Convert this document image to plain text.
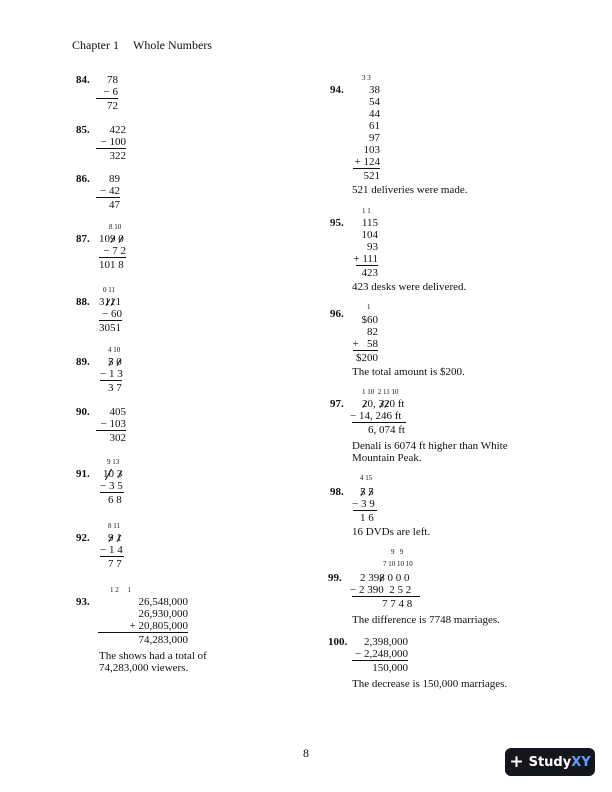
Chapter 1 Whole Numbers
84.	78
− 6
72
85.	422
− 100
322
86.	89
− 42
47
8 10
87. 109 0
− 7 2
101 8
0 11
88. 3111
− 60
3051
4 10
89. 5 0
− 1 3
3 7
90.	405
− 103
302
9 13
91. 10 3
− 3 5
6 8
8 11
92. 9 1
− 1 4
7 7
1 2     1
93.	26,548,000
26,930,000
+ 20,805,000
74,283,000
The shows had a total of
74,283,000 viewers.
3 3
94.	38
54
44
61
97
103
+ 124
521
521 deliveries were made.
1 1
95.	115
104
93
+ 111
423
423 desks were delivered.
1
96.	$60
82
+   58
$200
The total amount is $200.
1 10  2 11 10
97. 20, 320 ft
− 14, 246 ft
6, 074 ft
Denali is 6074 ft higher than White
Mountain Peak.
4 15
98. 5 5
− 3 9
1 6
16 DVDs are left.
9   9
7 10 10 10
99. 2 398 0 0 0
− 2 390  2 5 2
7 7 4 8
The difference is 7748 marriages.
100.	2,398,000
− 2,248,000
150,000
The decrease is 150,000 marriages.
8	+ StudyXY
